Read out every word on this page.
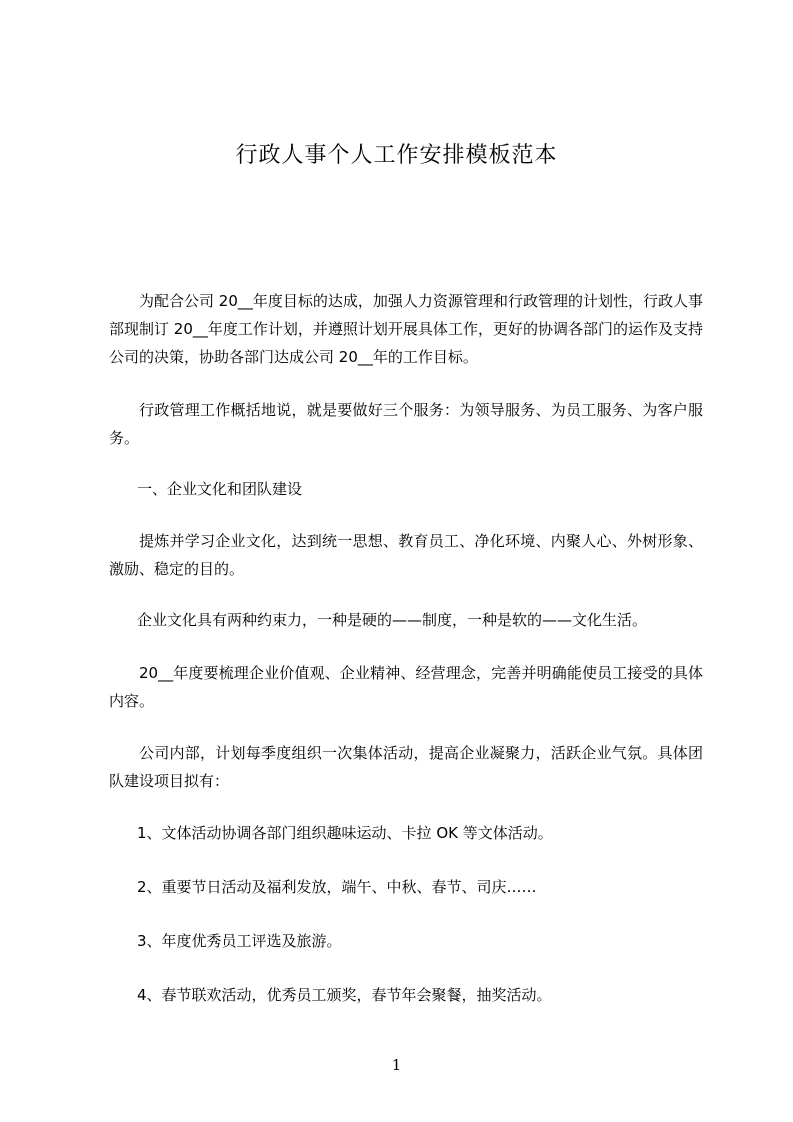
行政人事个人工作安排模板范本
为配合公司 20__年度目标的达成，加强人力资源管理和行政管理的计划性，行政人事部现制订 20__年度工作计划，并遵照计划开展具体工作，更好的协调各部门的运作及支持公司的决策，协助各部门达成公司 20__年的工作目标。
行政管理工作概括地说，就是要做好三个服务：为领导服务、为员工服务、为客户服务。
一、企业文化和团队建设
提炼并学习企业文化，达到统一思想、教育员工、净化环境、内聚人心、外树形象、激励、稳定的目的。
企业文化具有两种约束力，一种是硬的——制度，一种是软的——文化生活。
20__年度要梳理企业价值观、企业精神、经营理念，完善并明确能使员工接受的具体内容。
公司内部，计划每季度组织一次集体活动，提高企业凝聚力，活跃企业气氛。具体团队建设项目拟有：
1、文体活动协调各部门组织趣味运动、卡拉 OK 等文体活动。
2、重要节日活动及福利发放，端午、中秋、春节、司庆……
3、年度优秀员工评选及旅游。
4、春节联欢活动，优秀员工颁奖，春节年会聚餐，抽奖活动。
1
